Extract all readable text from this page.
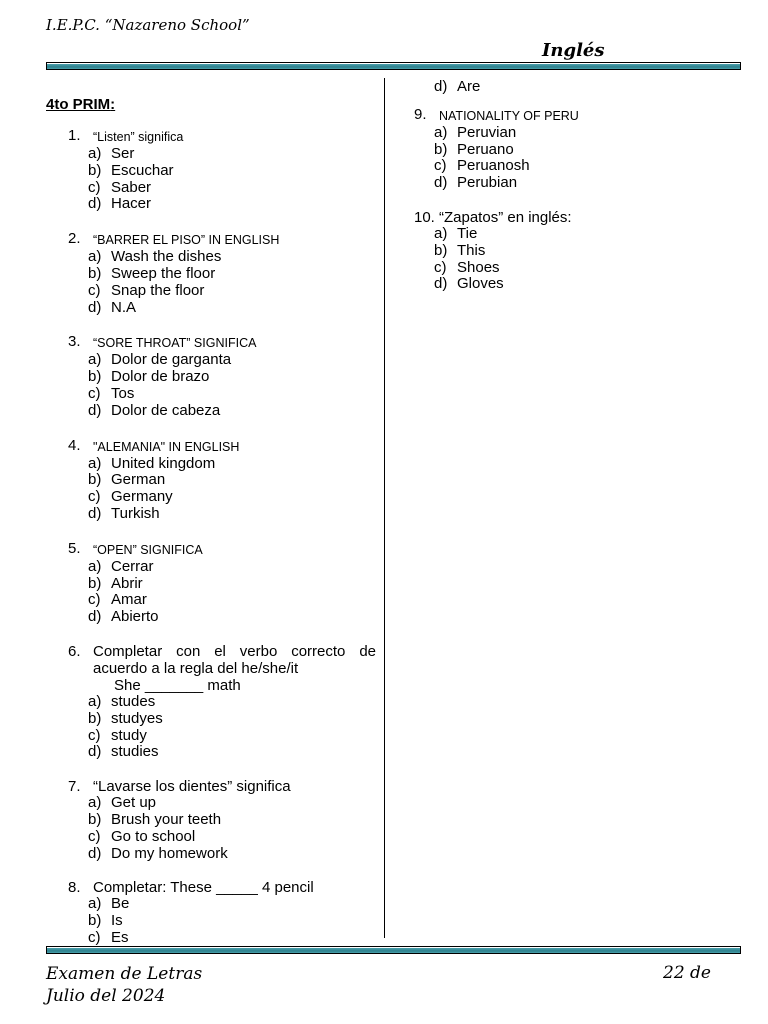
I.E.P.C. “Nazareno School”
Inglés
4to PRIM:
1. “Listen” significa
a) Ser
b) Escuchar
c) Saber
d) Hacer
2. “BARRER EL PISO” IN ENGLISH
a) Wash the dishes
b) Sweep the floor
c) Snap the floor
d) N.A
3. “SORE THROAT” SIGNIFICA
a) Dolor de garganta
b) Dolor de brazo
c) Tos
d) Dolor de cabeza
4. "ALEMANIA" IN ENGLISH
a) United kingdom
b) German
c) Germany
d) Turkish
5. “OPEN” SIGNIFICA
a) Cerrar
b) Abrir
c) Amar
d) Abierto
6. Completar con el verbo correcto de acuerdo a la regla del he/she/it
She _______ math
a) studes
b) studyes
c) study
d) studies
7. “Lavarse los dientes” significa
a) Get up
b) Brush your teeth
c) Go to school
d) Do my homework
8. Completar: These _____ 4 pencil
a) Be
b) Is
c) Es
d) Are
9. NATIONALITY OF PERU
a) Peruvian
b) Peruano
c) Peruanosh
d) Perubian
10. “Zapatos” en inglés:
a) Tie
b) This
c) Shoes
d) Gloves
Examen de Letras
Julio del 2024
22 de
